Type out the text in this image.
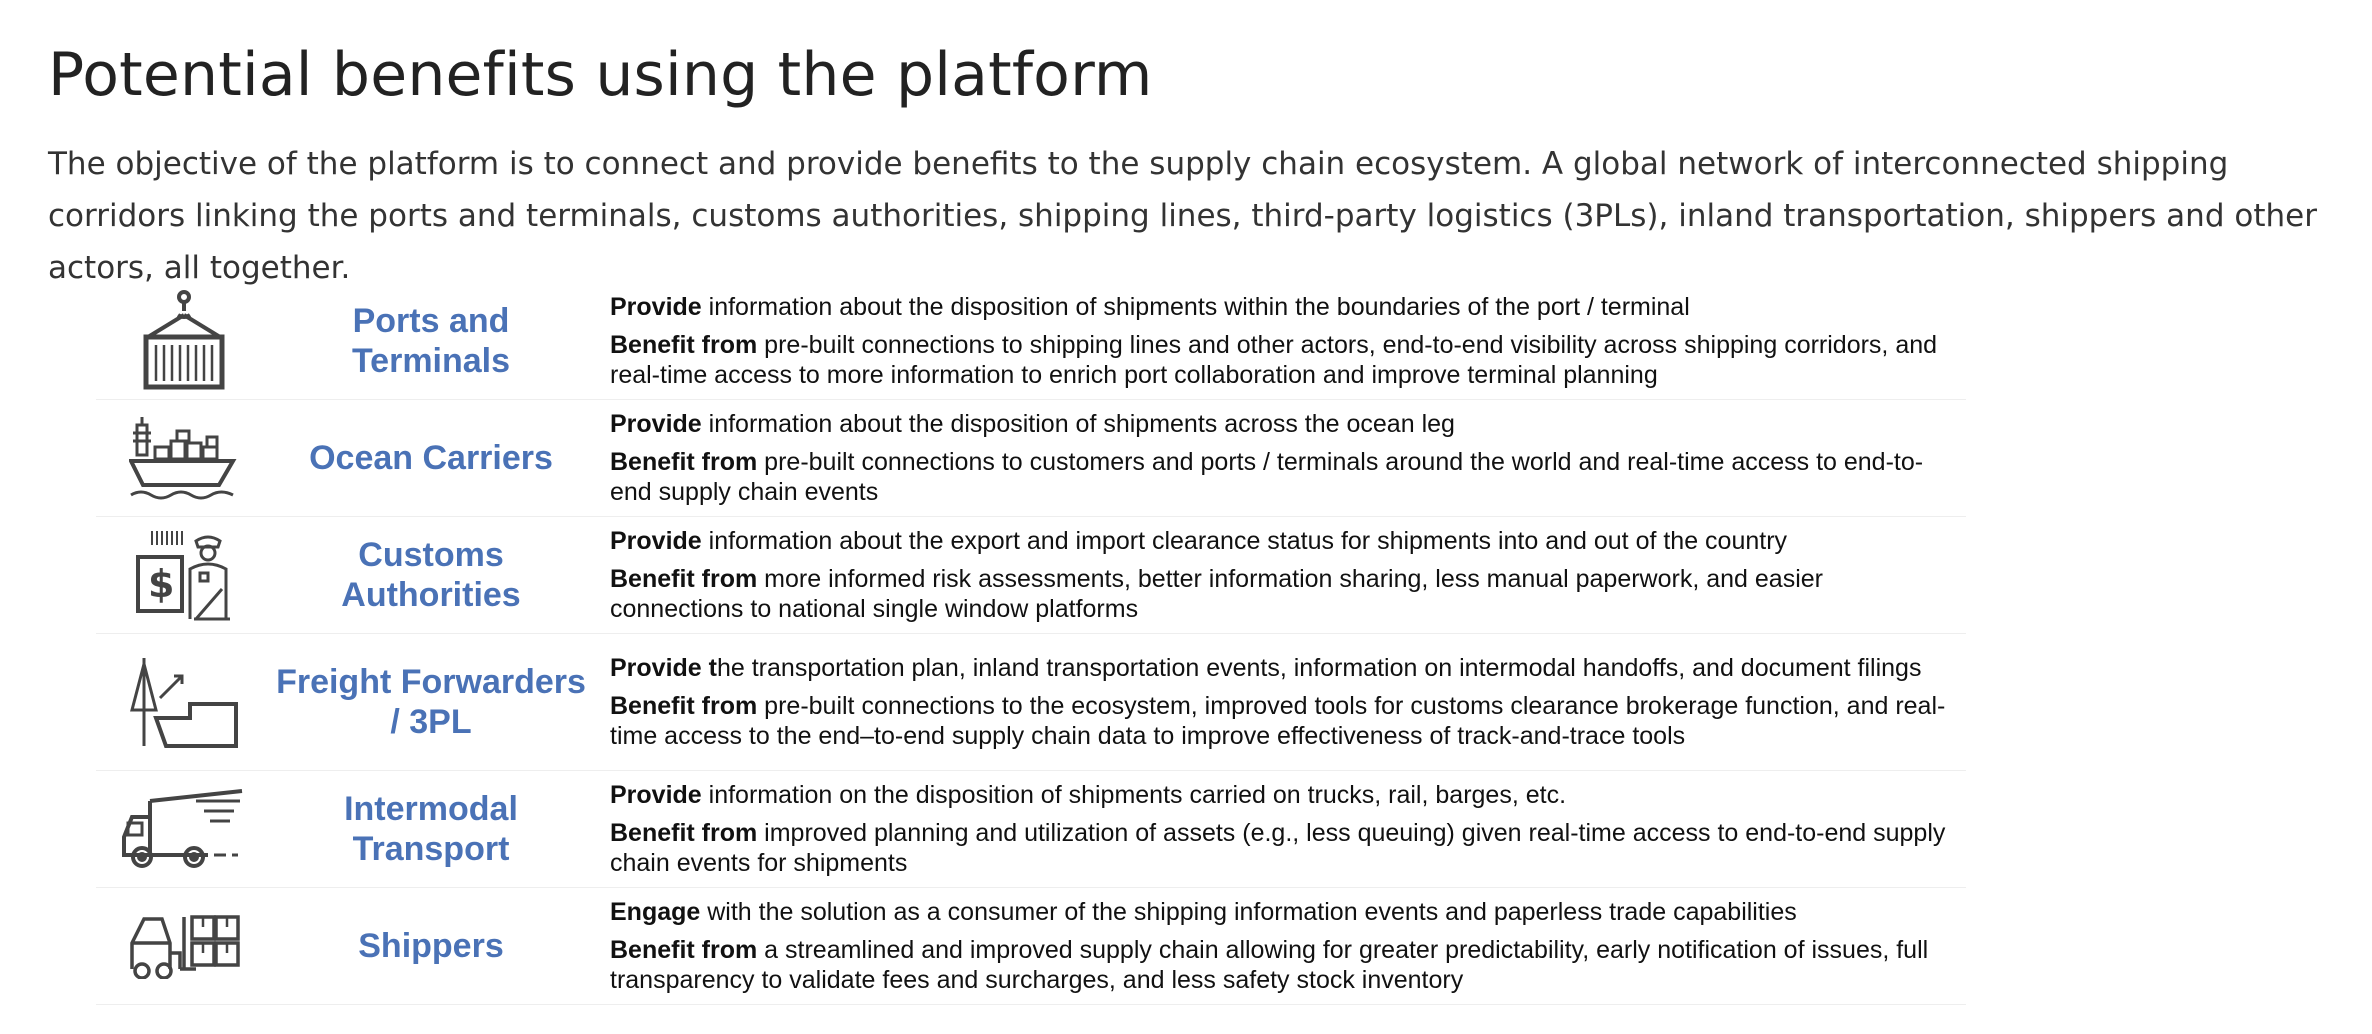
Potential benefits using the platform

The objective of the platform is to connect and provide benefits to the supply chain ecosystem. A global network of interconnected shipping corridors linking the ports and terminals, customs authorities, shipping lines, third-party logistics (3PLs), inland transportation, shippers and other actors, all together.

Ports and Terminals

Provide information about the disposition of shipments within the boundaries of the port / terminal

Benefit from pre-built connections to shipping lines and other actors, end-to-end visibility across shipping corridors, and real-time access to more information to enrich port collaboration and improve terminal planning

Ocean Carriers

Provide information about the disposition of shipments across the ocean leg

Benefit from pre-built connections to customers and ports / terminals around the world and real-time access to end-to-end supply chain events

$
Customs Authorities

Provide information about the export and import clearance status for shipments into and out of the country

Benefit from more informed risk assessments, better information sharing, less manual paperwork, and easier connections to national single window platforms

Freight Forwarders / 3PL

Provide the transportation plan, inland transportation events, information on intermodal handoffs, and document filings

Benefit from pre-built connections to the ecosystem, improved tools for customs clearance brokerage function, and real-time access to the end–to-end supply chain data to improve effectiveness of track-and-trace tools

Intermodal Transport

Provide information on the disposition of shipments carried on trucks, rail, barges, etc.

Benefit from improved planning and utilization of assets (e.g., less queuing) given real-time access to end-to-end supply chain events for shipments

Shippers

Engage with the solution as a consumer of the shipping information events and paperless trade capabilities

Benefit from a streamlined and improved supply chain allowing for greater predictability, early notification of issues, full transparency to validate fees and surcharges, and less safety stock inventory
